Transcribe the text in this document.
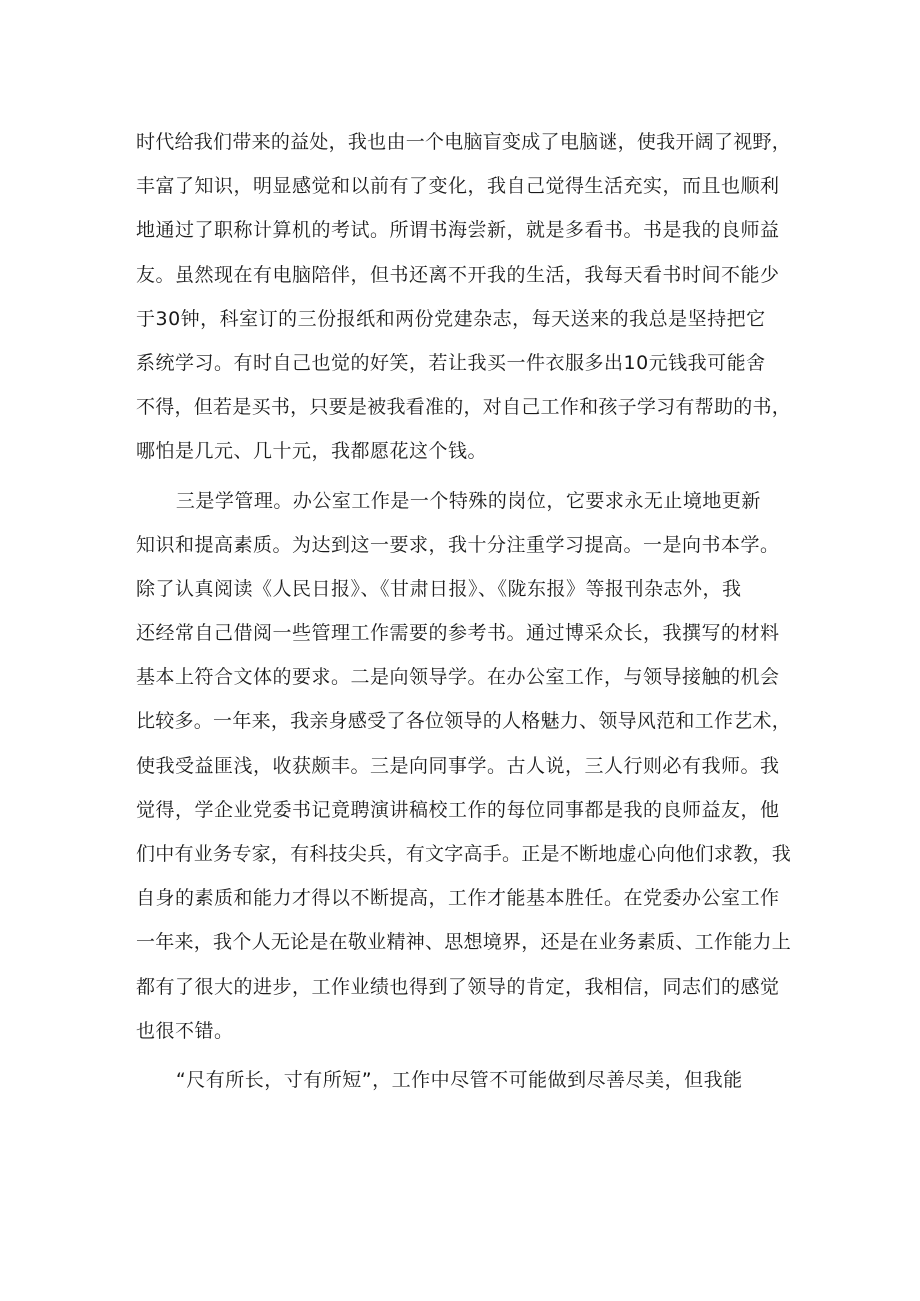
时代给我们带来的益处，我也由一个电脑盲变成了电脑谜，使我开阔了视野，
丰富了知识，明显感觉和以前有了变化，我自己觉得生活充实，而且也顺利
地通过了职称计算机的考试。所谓书海尝新，就是多看书。书是我的良师益
友。虽然现在有电脑陪伴，但书还离不开我的生活，我每天看书时间不能少
于30钟，科室订的三份报纸和两份党建杂志，每天送来的我总是坚持把它
系统学习。有时自己也觉的好笑，若让我买一件衣服多出10元钱我可能舍
不得，但若是买书，只要是被我看准的，对自己工作和孩子学习有帮助的书，
哪怕是几元、几十元，我都愿花这个钱。
三是学管理。办公室工作是一个特殊的岗位，它要求永无止境地更新
知识和提高素质。为达到这一要求，我十分注重学习提高。一是向书本学。
除了认真阅读《人民日报》、《甘肃日报》、《陇东报》等报刊杂志外，我
还经常自己借阅一些管理工作需要的参考书。通过博采众长，我撰写的材料
基本上符合文体的要求。二是向领导学。在办公室工作，与领导接触的机会
比较多。一年来，我亲身感受了各位领导的人格魅力、领导风范和工作艺术，
使我受益匪浅，收获颇丰。三是向同事学。古人说，三人行则必有我师。我
觉得，学企业党委书记竟聘演讲稿校工作的每位同事都是我的良师益友，他
们中有业务专家，有科技尖兵，有文字高手。正是不断地虚心向他们求教，我
自身的素质和能力才得以不断提高，工作才能基本胜任。在党委办公室工作
一年来，我个人无论是在敬业精神、思想境界，还是在业务素质、工作能力上
都有了很大的进步，工作业绩也得到了领导的肯定，我相信，同志们的感觉
也很不错。
“尺有所长，寸有所短”，工作中尽管不可能做到尽善尽美，但我能
